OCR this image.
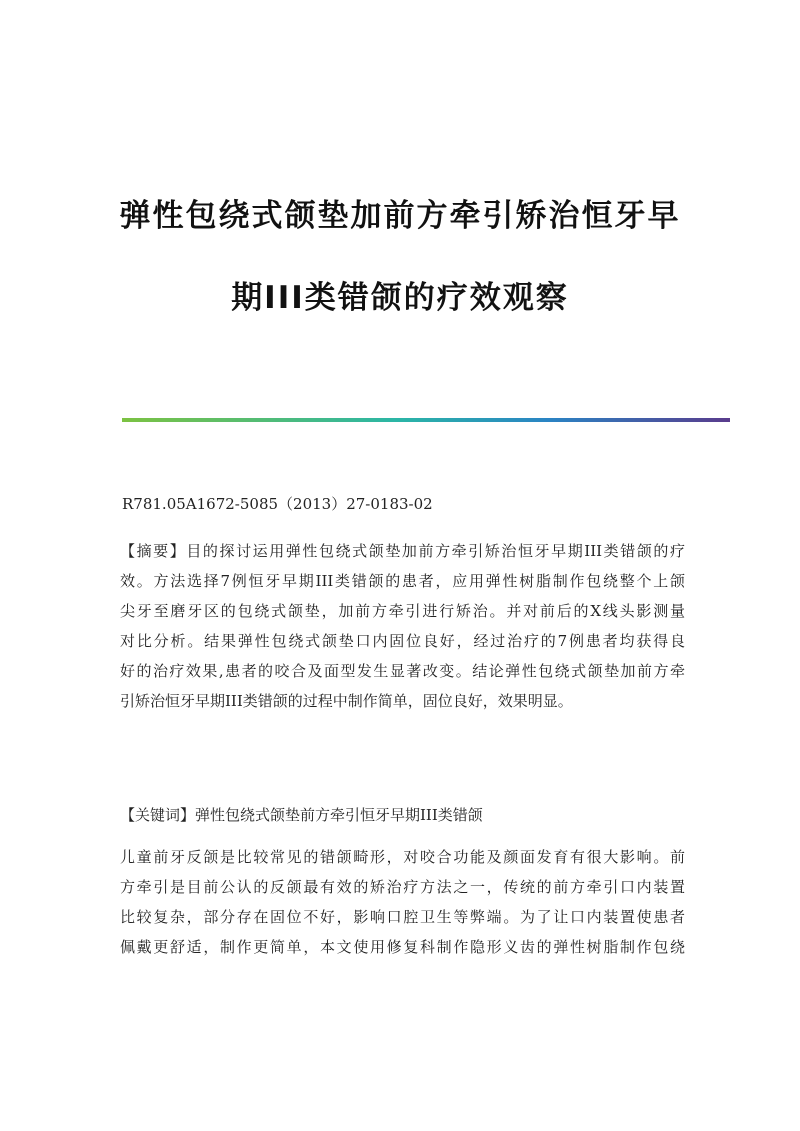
弹性包绕式颌垫加前方牵引矫治恒牙早
期III类错颌的疗效观察
R781.05A1672-5085（2013）27-0183-02
【摘要】目的探讨运用弹性包绕式颌垫加前方牵引矫治恒牙早期III类错颌的疗
效。方法选择7例恒牙早期III类错颌的患者，应用弹性树脂制作包绕整个上颌
尖牙至磨牙区的包绕式颌垫，加前方牵引进行矫治。并对前后的X线头影测量
对比分析。结果弹性包绕式颌垫口内固位良好，经过治疗的7例患者均获得良
好的治疗效果,患者的咬合及面型发生显著改变。结论弹性包绕式颌垫加前方牵
引矫治恒牙早期III类错颌的过程中制作简单，固位良好，效果明显。
【关键词】弹性包绕式颌垫前方牵引恒牙早期III类错颌
儿童前牙反颌是比较常见的错颌畸形，对咬合功能及颜面发育有很大影响。前
方牵引是目前公认的反颌最有效的矫治疗方法之一，传统的前方牵引口内装置
比较复杂，部分存在固位不好，影响口腔卫生等弊端。为了让口内装置使患者
佩戴更舒适，制作更简单，本文使用修复科制作隐形义齿的弹性树脂制作包绕
